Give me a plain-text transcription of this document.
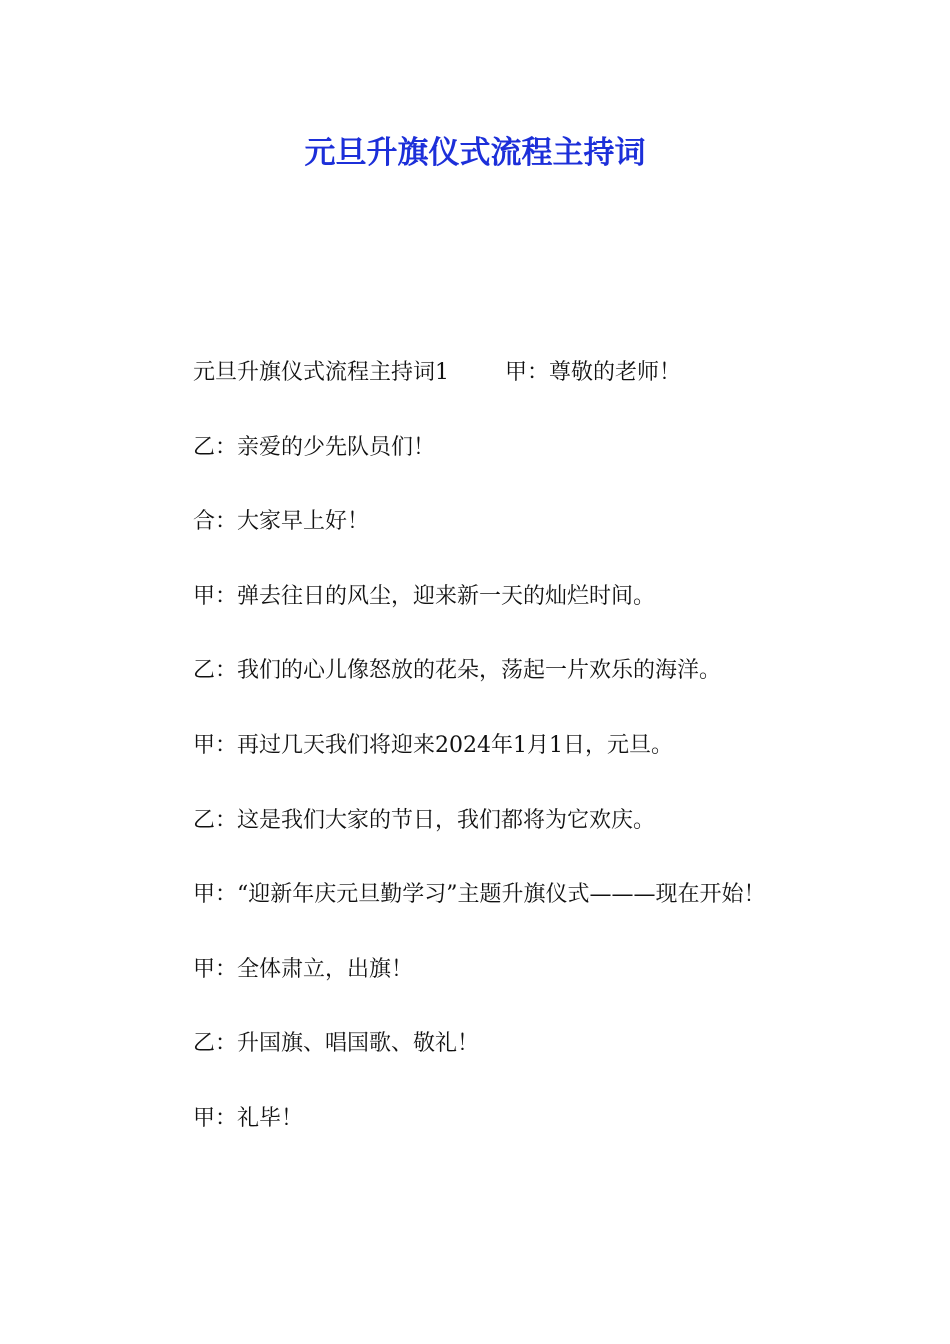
元旦升旗仪式流程主持词

元旦升旗仪式流程主持词1	甲：尊敬的老师！

乙：亲爱的少先队员们！

合：大家早上好！

甲：弹去往日的风尘，迎来新一天的灿烂时间。

乙：我们的心儿像怒放的花朵，荡起一片欢乐的海洋。

甲：再过几天我们将迎来2024年1月1日，元旦。

乙：这是我们大家的节日，我们都将为它欢庆。

甲：“迎新年庆元旦勤学习”主题升旗仪式———现在开始！

甲：全体肃立，出旗！

乙：升国旗、唱国歌、敬礼！

甲：礼毕！
